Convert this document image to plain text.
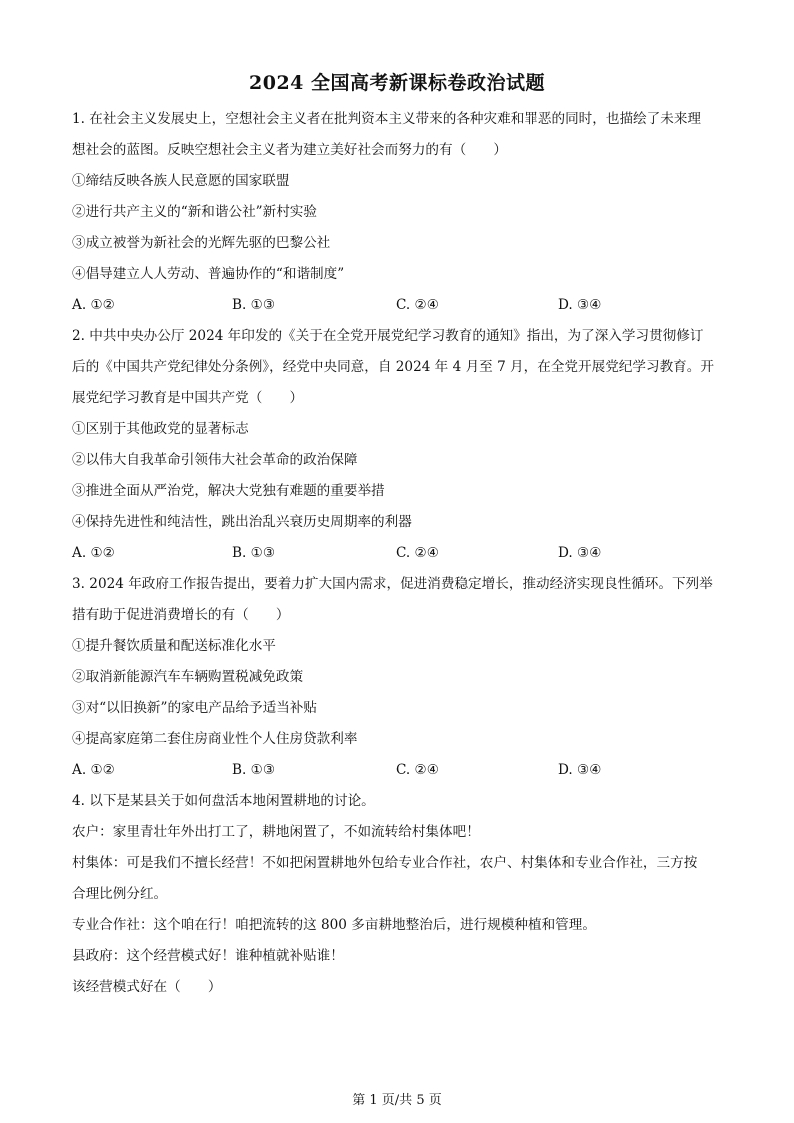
2024 全国高考新课标卷政治试题
1. 在社会主义发展史上，空想社会主义者在批判资本主义带来的各种灾难和罪恶的同时，也描绘了未来理
想社会的蓝图。反映空想社会主义者为建立美好社会而努力的有（　　）
①缔结反映各族人民意愿的国家联盟
②进行共产主义的“新和谐公社”新村实验
③成立被誉为新社会的光辉先驱的巴黎公社
④倡导建立人人劳动、普遍协作的“和谐制度”
A. ①②	B. ①③	C. ②④	D. ③④
2. 中共中央办公厅 2024 年印发的《关于在全党开展党纪学习教育的通知》指出，为了深入学习贯彻修订
后的《中国共产党纪律处分条例》，经党中央同意，自 2024 年 4 月至 7 月，在全党开展党纪学习教育。开
展党纪学习教育是中国共产党（　　）
①区别于其他政党的显著标志
②以伟大自我革命引领伟大社会革命的政治保障
③推进全面从严治党，解决大党独有难题的重要举措
④保持先进性和纯洁性，跳出治乱兴衰历史周期率的利器
A. ①②	B. ①③	C. ②④	D. ③④
3. 2024 年政府工作报告提出，要着力扩大国内需求，促进消费稳定增长，推动经济实现良性循环。下列举
措有助于促进消费增长的有（　　）
①提升餐饮质量和配送标准化水平
②取消新能源汽车车辆购置税减免政策
③对“以旧换新”的家电产品给予适当补贴
④提高家庭第二套住房商业性个人住房贷款利率
A. ①②	B. ①③	C. ②④	D. ③④
4. 以下是某县关于如何盘活本地闲置耕地的讨论。
农户：家里青壮年外出打工了，耕地闲置了，不如流转给村集体吧！
村集体：可是我们不擅长经营！不如把闲置耕地外包给专业合作社，农户、村集体和专业合作社，三方按
合理比例分红。
专业合作社：这个咱在行！咱把流转的这 800 多亩耕地整治后，进行规模种植和管理。
县政府：这个经营模式好！谁种植就补贴谁！
该经营模式好在（　　）
第 1 页/共 5 页
